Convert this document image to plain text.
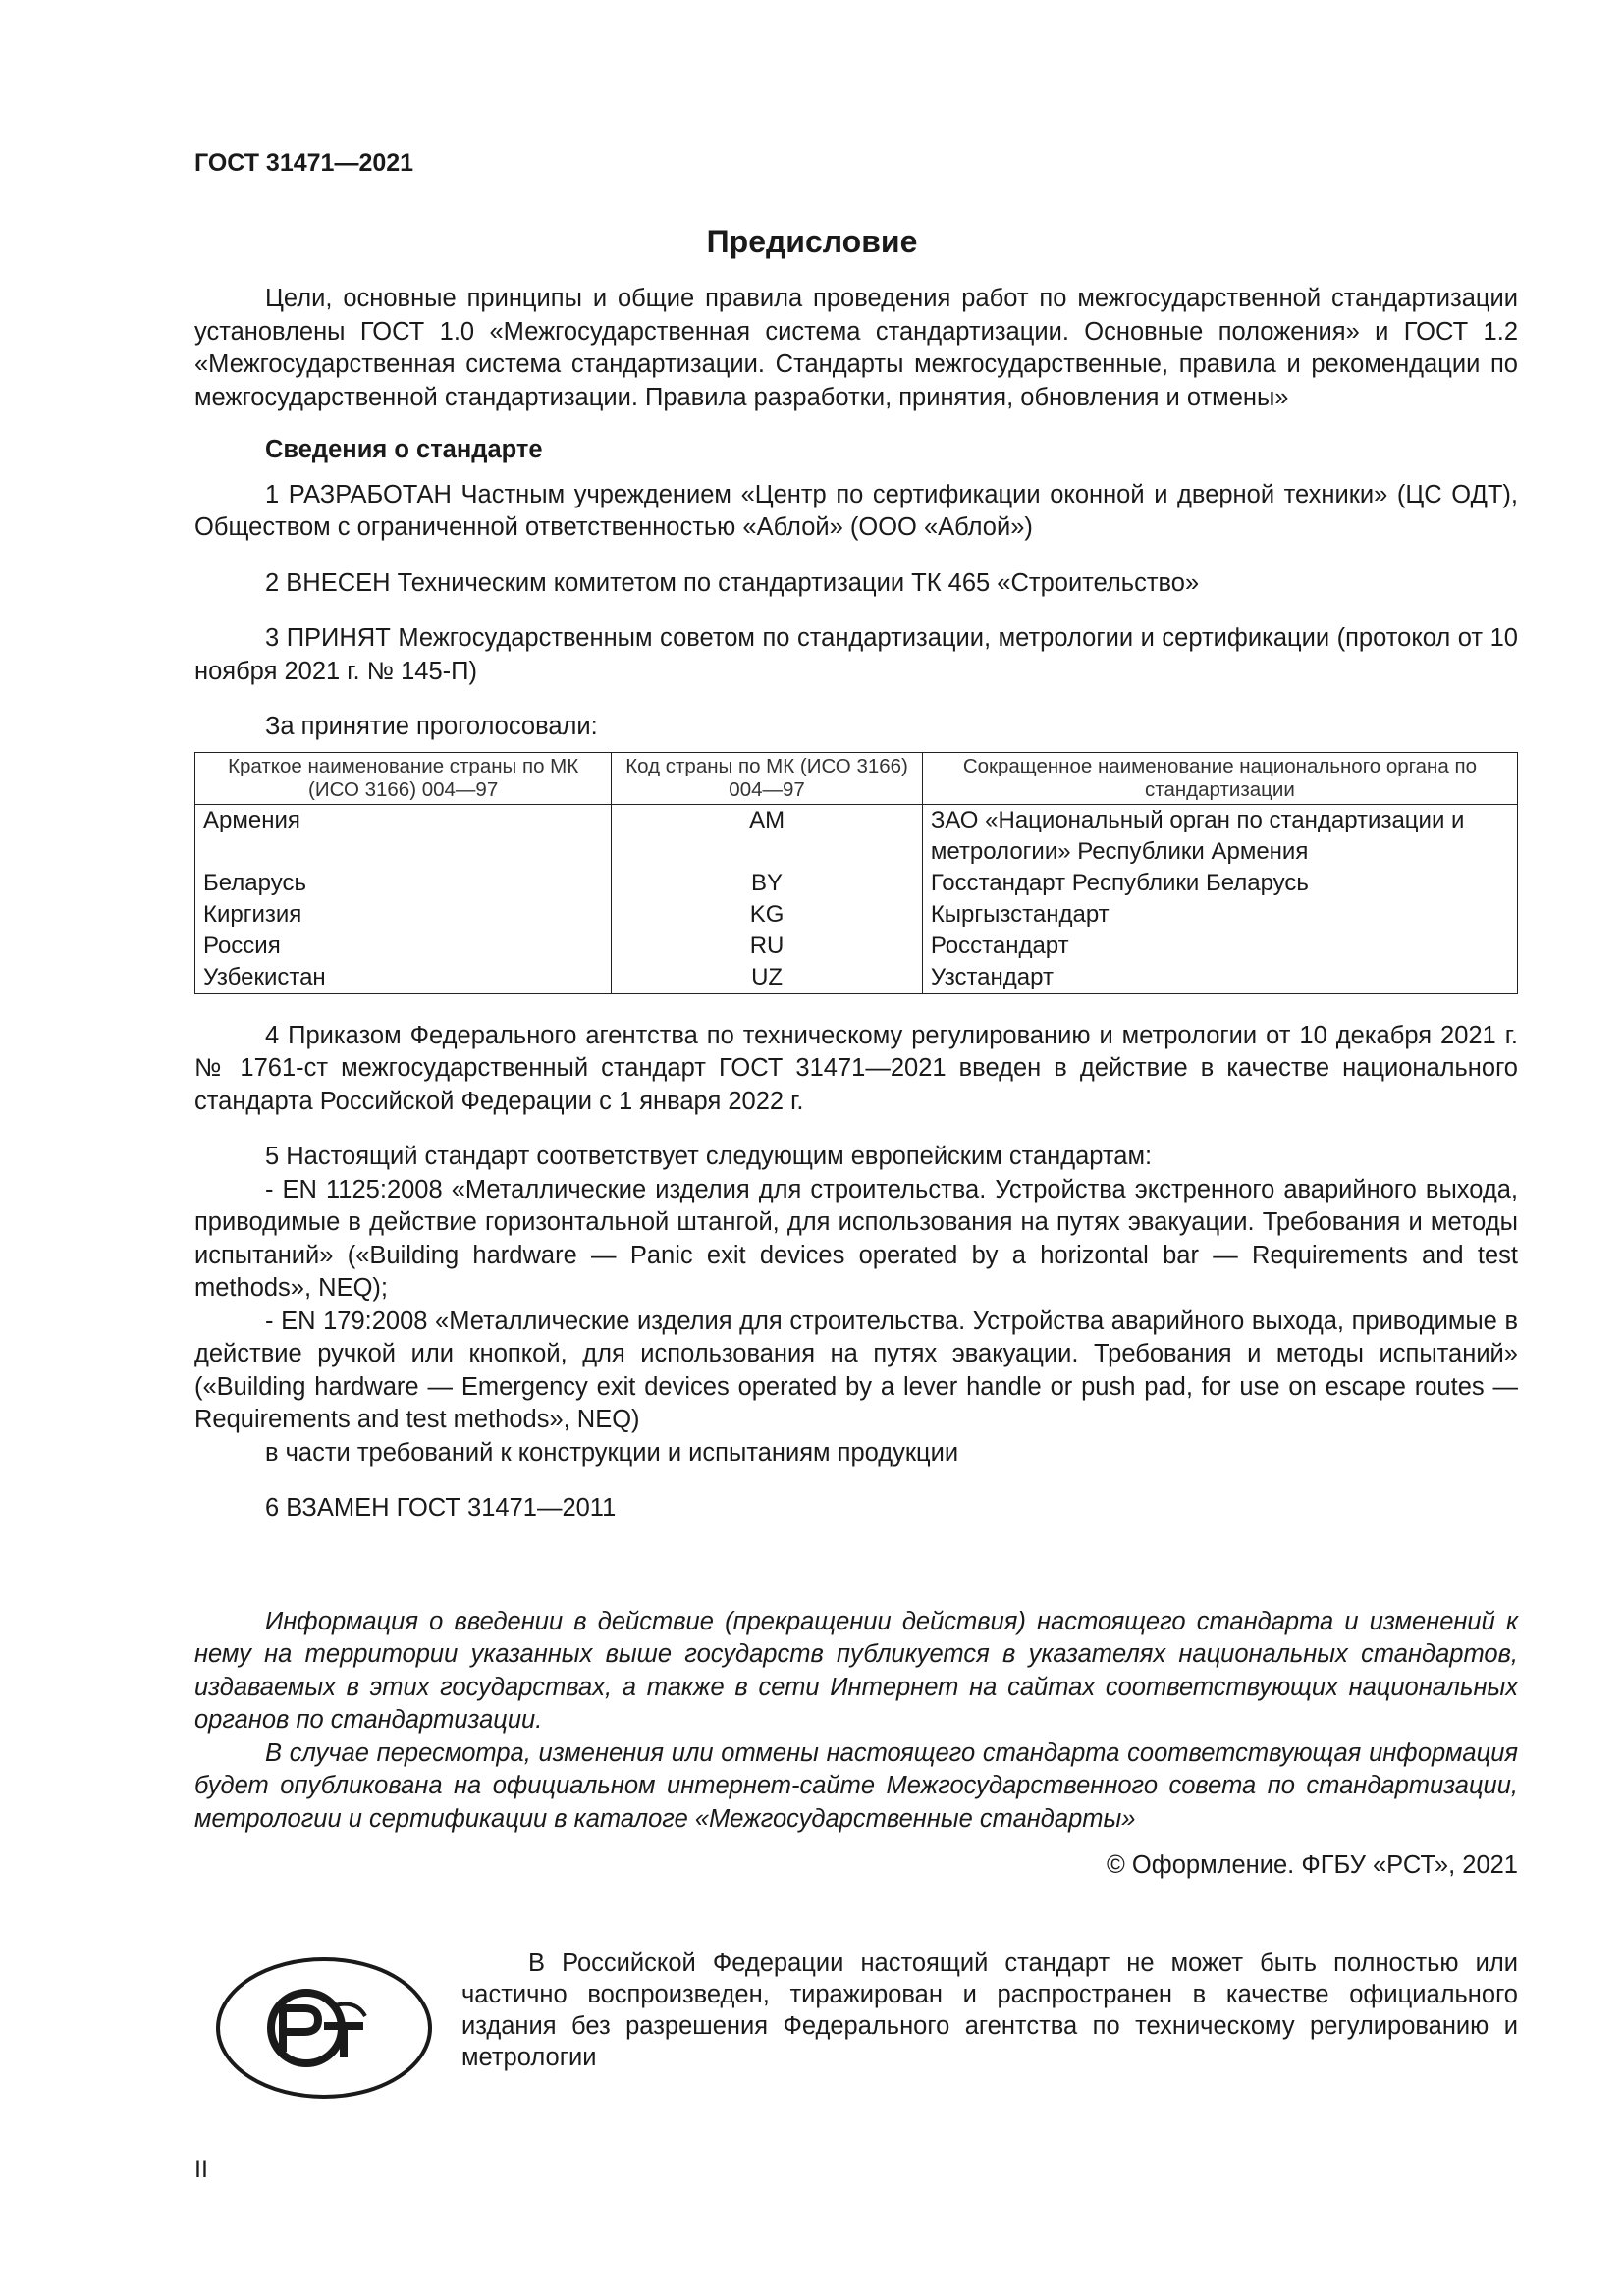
ГОСТ 31471—2021
Предисловие

Цели, основные принципы и общие правила проведения работ по межгосударственной стандартизации установлены ГОСТ 1.0 «Межгосударственная система стандартизации. Основные положения» и ГОСТ 1.2 «Межгосударственная система стандартизации. Стандарты межгосударственные, правила и рекомендации по межгосударственной стандартизации. Правила разработки, принятия, обновления и отмены»

Сведения о стандарте

1 РАЗРАБОТАН Частным учреждением «Центр по сертификации оконной и дверной техники» (ЦС ОДТ), Обществом с ограниченной ответственностью «Аблой» (ООО «Аблой»)

2 ВНЕСЕН Техническим комитетом по стандартизации ТК 465 «Строительство»

3 ПРИНЯТ Межгосударственным советом по стандартизации, метрологии и сертификации (протокол от 10 ноября 2021 г. № 145-П)

За принятие проголосовали:

Краткое наименование страны по МК (ИСО 3166) 004—97	Код страны по МК (ИСО 3166) 004—97	Сокращенное наименование национального органа по стандартизации
Армения	AM	ЗАО «Национальный орган по стандартизации и метрологии» Республики Армения
Беларусь	BY	Госстандарт Республики Беларусь
Киргизия	KG	Кыргызстандарт
Россия	RU	Росстандарт
Узбекистан	UZ	Узстандарт

4 Приказом Федерального агентства по техническому регулированию и метрологии от 10 декабря 2021 г. № 1761-ст межгосударственный стандарт ГОСТ 31471—2021 введен в действие в качестве национального стандарта Российской Федерации с 1 января 2022 г.

5 Настоящий стандарт соответствует следующим европейским стандартам:

- EN 1125:2008 «Металлические изделия для строительства. Устройства экстренного аварийного выхода, приводимые в действие горизонтальной штангой, для использования на путях эвакуации. Требования и методы испытаний» («Building hardware — Panic exit devices operated by a horizontal bar — Requirements and test methods», NEQ);

- EN 179:2008 «Металлические изделия для строительства. Устройства аварийного выхода, приводимые в действие ручкой или кнопкой, для использования на путях эвакуации. Требования и методы испытаний» («Building hardware — Emergency exit devices operated by a lever handle or push pad, for use on escape routes — Requirements and test methods», NEQ)

в части требований к конструкции и испытаниям продукции

6 ВЗАМЕН ГОСТ 31471—2011

Информация о введении в действие (прекращении действия) настоящего стандарта и изменений к нему на территории указанных выше государств публикуется в указателях национальных стандартов, издаваемых в этих государствах, а также в сети Интернет на сайтах соответствующих национальных органов по стандартизации.

В случае пересмотра, изменения или отмены настоящего стандарта соответствующая информация будет опубликована на официальном интернет-сайте Межгосударственного совета по стандартизации, метрологии и сертификации в каталоге «Межгосударственные стандарты»

© Оформление. ФГБУ «РСТ», 2021
В Российской Федерации настоящий стандарт не может быть полностью или частично воспроизведен, тиражирован и распространен в качестве официального издания без разрешения Федерального агентства по техническому регулированию и метрологии
II
